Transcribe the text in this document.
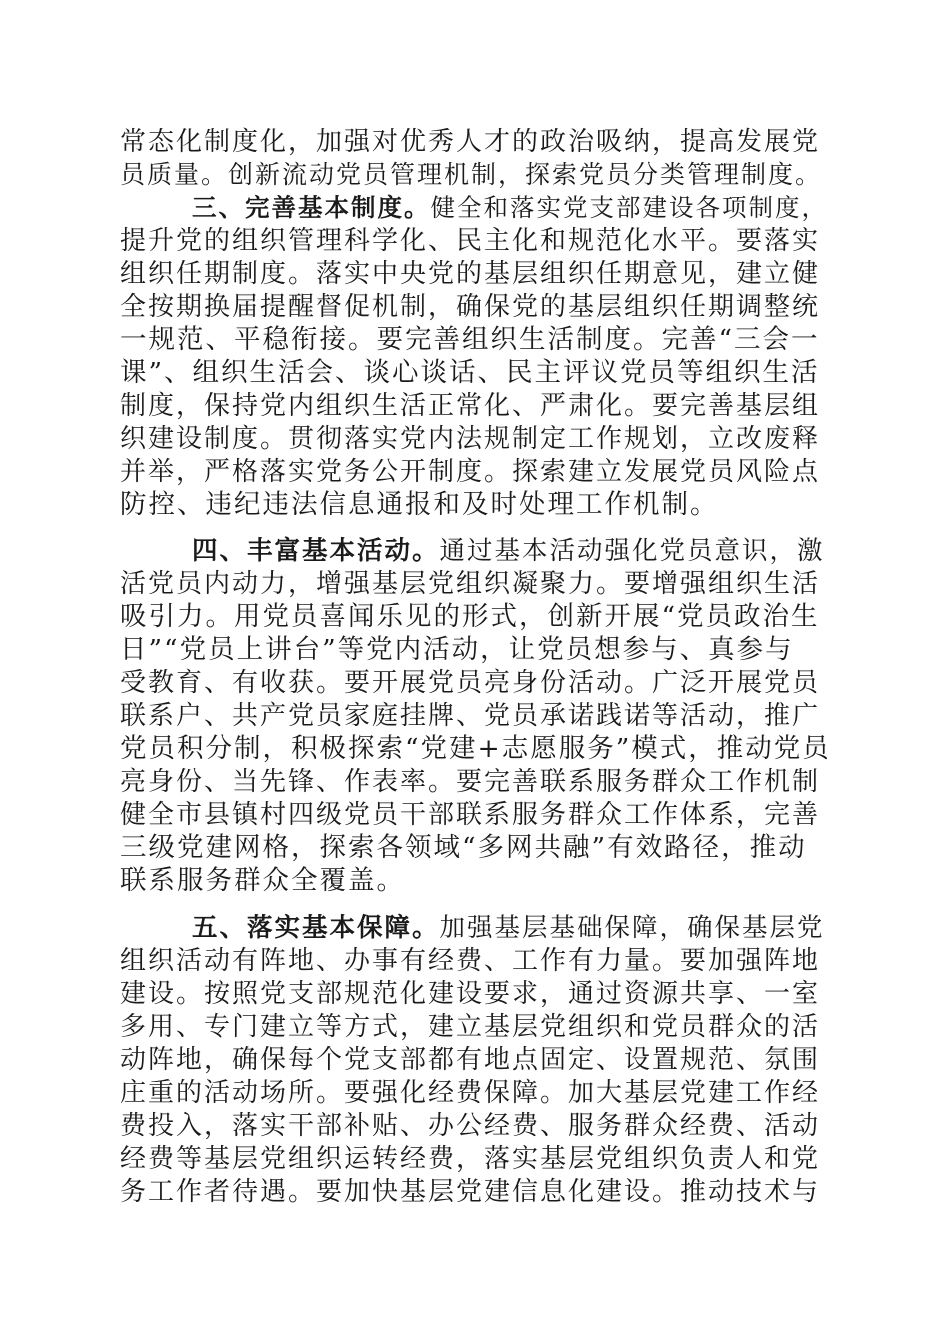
常态化制度化，加强对优秀人才的政治吸纳，提高发展党
员质量。创新流动党员管理机制，探索党员分类管理制度。
三、完善基本制度。健全和落实党支部建设各项制度，
提升党的组织管理科学化、民主化和规范化水平。要落实
组织任期制度。落实中央党的基层组织任期意见，建立健
全按期换届提醒督促机制，确保党的基层组织任期调整统
一规范、平稳衔接。要完善组织生活制度。完善“三会一
课”、组织生活会、谈心谈话、民主评议党员等组织生活
制度，保持党内组织生活正常化、严肃化。要完善基层组
织建设制度。贯彻落实党内法规制定工作规划，立改废释
并举，严格落实党务公开制度。探索建立发展党员风险点
防控、违纪违法信息通报和及时处理工作机制。
四、丰富基本活动。通过基本活动强化党员意识，激
活党员内动力，增强基层党组织凝聚力。要增强组织生活
吸引力。用党员喜闻乐见的形式，创新开展“党员政治生
日”“党员上讲台”等党内活动，让党员想参与、真参与
受教育、有收获。要开展党员亮身份活动。广泛开展党员
联系户、共产党员家庭挂牌、党员承诺践诺等活动，推广
党员积分制，积极探索“党建+志愿服务”模式，推动党员
亮身份、当先锋、作表率。要完善联系服务群众工作机制
健全市县镇村四级党员干部联系服务群众工作体系，完善
三级党建网格，探索各领域“多网共融”有效路径，推动
联系服务群众全覆盖。
五、落实基本保障。加强基层基础保障，确保基层党
组织活动有阵地、办事有经费、工作有力量。要加强阵地
建设。按照党支部规范化建设要求，通过资源共享、一室
多用、专门建立等方式，建立基层党组织和党员群众的活
动阵地，确保每个党支部都有地点固定、设置规范、氛围
庄重的活动场所。要强化经费保障。加大基层党建工作经
费投入，落实干部补贴、办公经费、服务群众经费、活动
经费等基层党组织运转经费，落实基层党组织负责人和党
务工作者待遇。要加快基层党建信息化建设。推动技术与
